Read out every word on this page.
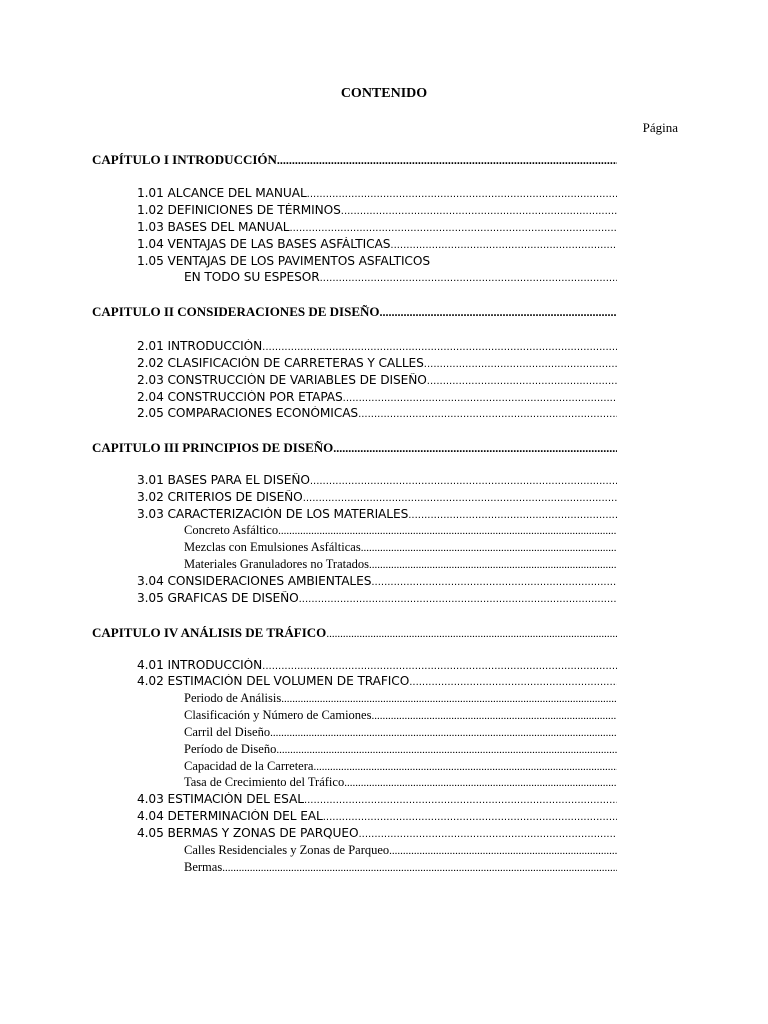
CONTENIDO
Página
CAPÍTULO I INTRODUCCIÓN
.....
1.01 ALCANCE DEL MANUAL
.....
1.02 DEFINICIONES DE TÉRMINOS
.....
1.03 BASES DEL MANUAL
.....
1.04 VENTAJAS DE LAS BASES ASFÁLTICAS
.....
1.05 VENTAJAS DE LOS PAVIMENTOS ASFALTICOS
EN TODO SU ESPESOR
.....
CAPITULO II CONSIDERACIONES DE DISEÑO
.....
2.01 INTRODUCCIÓN
.....
2.02 CLASIFICACIÓN DE CARRETERAS Y CALLES
.....
2.03 CONSTRUCCIÓN DE VARIABLES DE DISEÑO
.....
2.04 CONSTRUCCIÓN POR ETAPAS
.....
2.05 COMPARACIONES ECONÓMICAS
.....
CAPITULO III PRINCIPIOS DE DISEÑO
.....
3.01 BASES PARA EL DISEÑO
.....
3.02 CRITERIOS DE DISEÑO
.....
3.03 CARACTERIZACIÓN DE LOS MATERIALES
.....
Concreto Asfáltico
.....
Mezclas con Emulsiones Asfálticas
.....
Materiales Granuladores no Tratados
.....
3.04 CONSIDERACIONES AMBIENTALES
.....
3.05 GRAFICAS DE DISEÑO
.....
CAPITULO IV ANÁLISIS DE TRÁFICO
.....
4.01 INTRODUCCIÓN
.....
4.02 ESTIMACIÓN DEL VOLUMEN DE TRAFICO
.....
Periodo de Análisis
.....
Clasificación y Número de Camiones
.....
Carril del Diseño
.....
Período de Diseño
.....
Capacidad de la Carretera
.....
Tasa de Crecimiento del Tráfico
.....
4.03 ESTIMACIÓN DEL ESAL
.....
4.04 DETERMINACIÓN DEL EAL
.....
4.05 BERMAS Y ZONAS DE PARQUEO
.....
Calles Residenciales y Zonas de Parqueo
.....
Bermas
.....
